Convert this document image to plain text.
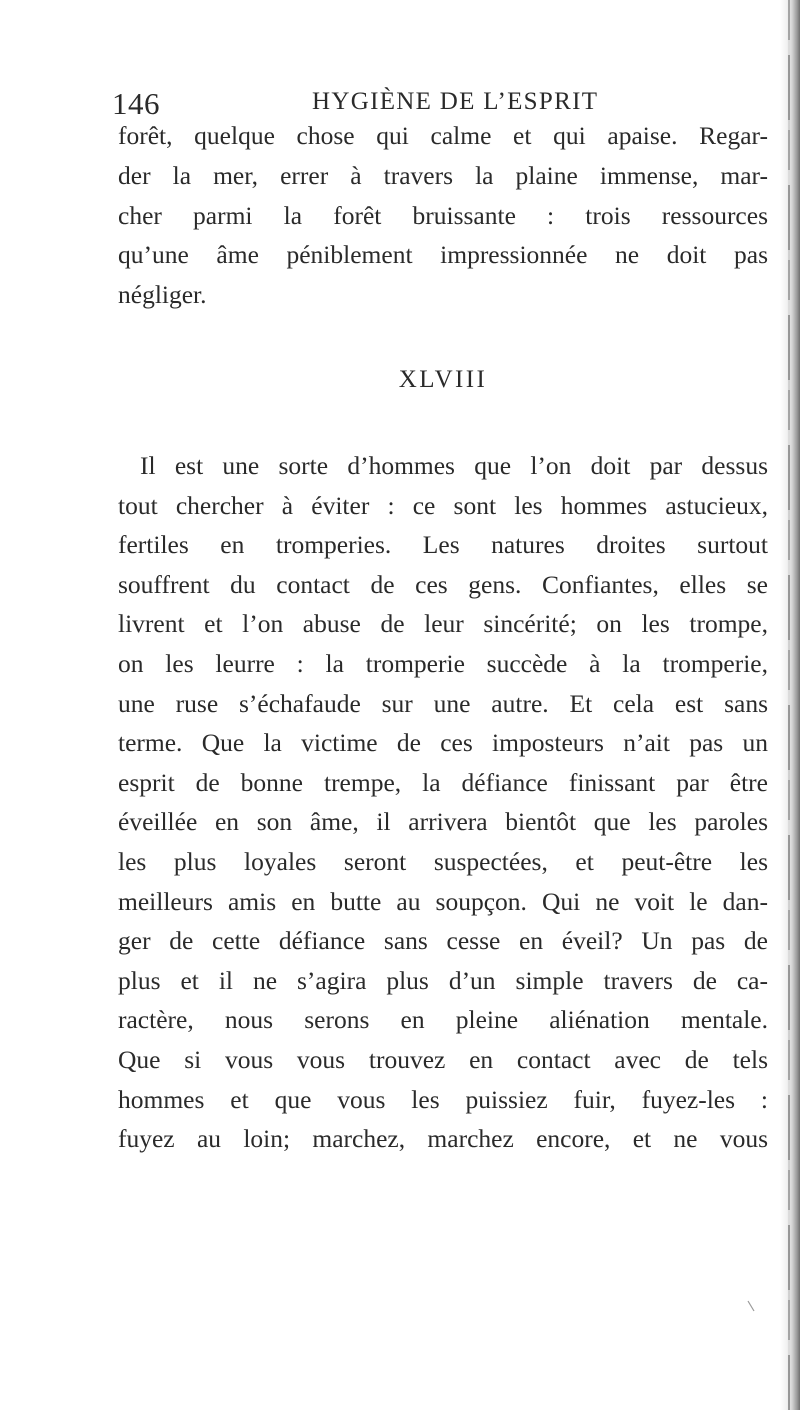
146	HYGIÈNE DE L’ESPRIT
forêt, quelque chose qui calme et qui apaise. Regar-
der la mer, errer à travers la plaine immense, mar-
cher parmi la forêt bruissante : trois ressources
qu’une âme péniblement impressionnée ne doit pas
négliger.
XLVIII
Il est une sorte d’hommes que l’on doit par dessus
tout chercher à éviter : ce sont les hommes astucieux,
fertiles en tromperies. Les natures droites surtout
souffrent du contact de ces gens. Confiantes, elles se
livrent et l’on abuse de leur sincérité; on les trompe,
on les leurre : la tromperie succède à la tromperie,
une ruse s’échafaude sur une autre. Et cela est sans
terme. Que la victime de ces imposteurs n’ait pas un
esprit de bonne trempe, la défiance finissant par être
éveillée en son âme, il arrivera bientôt que les paroles
les plus loyales seront suspectées, et peut-être les
meilleurs amis en butte au soupçon. Qui ne voit le dan-
ger de cette défiance sans cesse en éveil? Un pas de
plus et il ne s’agira plus d’un simple travers de ca-
ractère, nous serons en pleine aliénation mentale.
Que si vous vous trouvez en contact avec de tels
hommes et que vous les puissiez fuir, fuyez-les :
fuyez au loin; marchez, marchez encore, et ne vous
